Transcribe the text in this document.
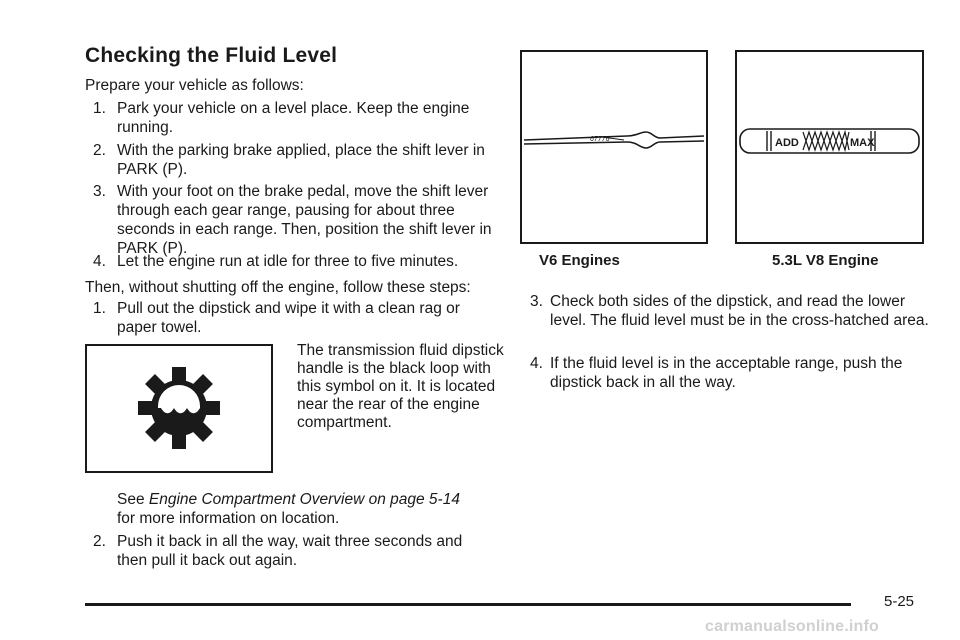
Checking the Fluid Level
Prepare your vehicle as follows:
1. Park your vehicle on a level place. Keep the engine running.
2. With the parking brake applied, place the shift lever in PARK (P).
3. With your foot on the brake pedal, move the shift lever through each gear range, pausing for about three seconds in each range. Then, position the shift lever in PARK (P).
4. Let the engine run at idle for three to five minutes.
Then, without shutting off the engine, follow these steps:
1. Pull out the dipstick and wipe it with a clean rag or paper towel.
The transmission fluid dipstick handle is the black loop with this symbol on it. It is located near the rear of the engine compartment.
See Engine Compartment Overview on page 5-14
for more information on location.
2. Push it back in all the way, wait three seconds and then pull it back out again.
67776
V6 Engines
ADD	MAX
5.3L V8 Engine
3. Check both sides of the dipstick, and read the lower level. The fluid level must be in the cross-hatched area.
4. If the fluid level is in the acceptable range, push the dipstick back in all the way.
5-25
carmanualsonline.info
